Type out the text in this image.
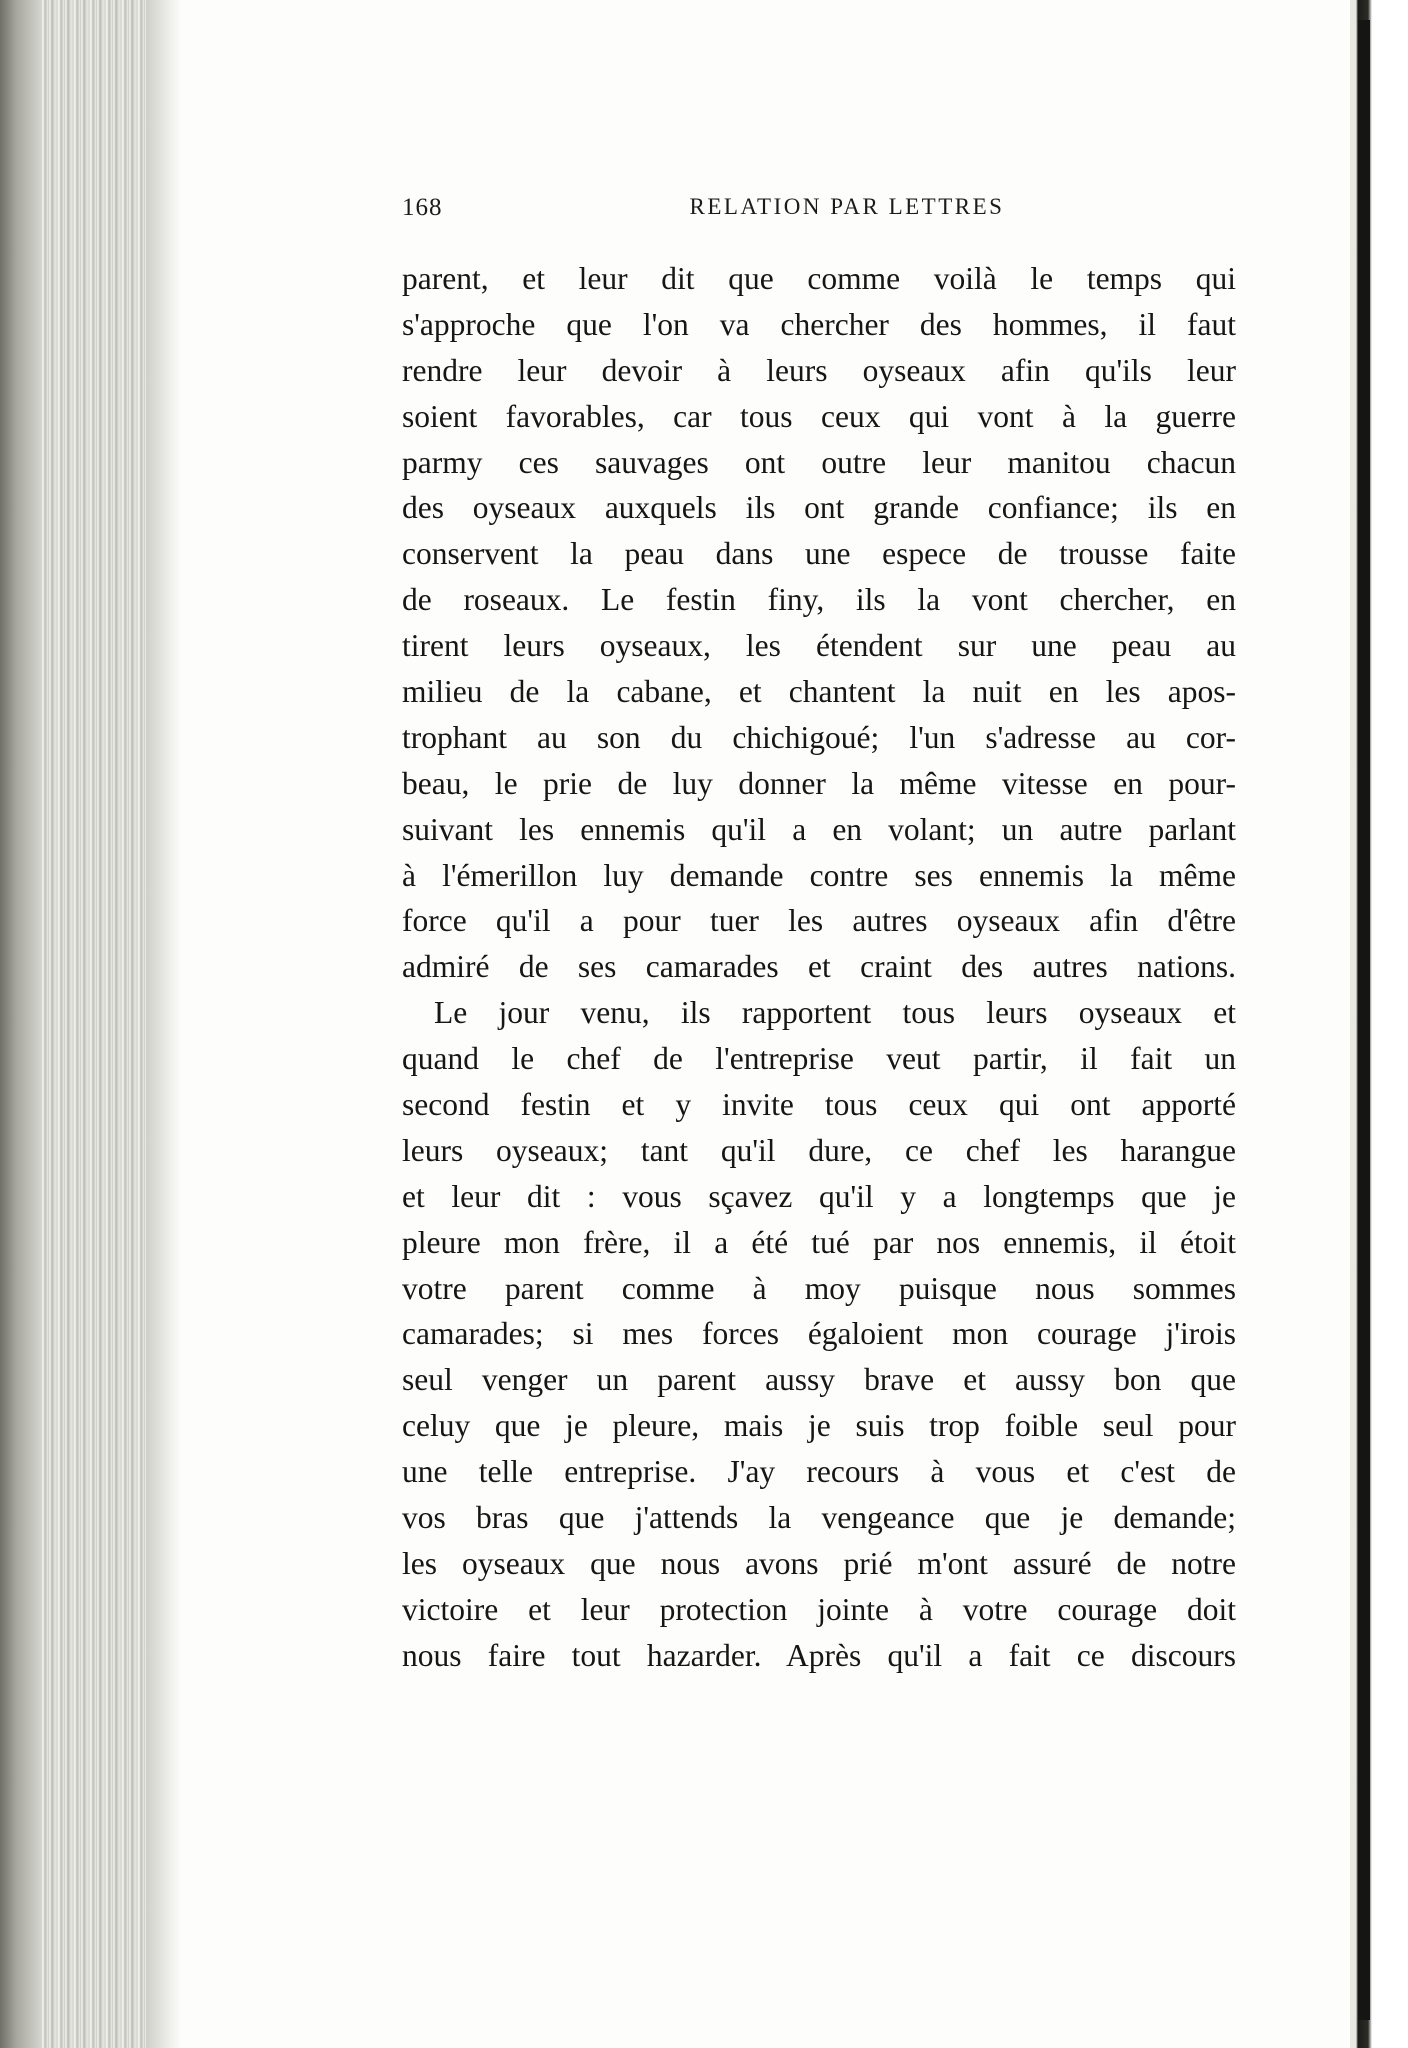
168	RELATION PAR LETTRES
parent, et leur dit que comme voilà le temps qui
s'approche que l'on va chercher des hommes, il faut
rendre leur devoir à leurs oyseaux afin qu'ils leur
soient favorables, car tous ceux qui vont à la guerre
parmy ces sauvages ont outre leur manitou chacun
des oyseaux auxquels ils ont grande confiance; ils en
conservent la peau dans une espece de trousse faite
de roseaux. Le festin finy, ils la vont chercher, en
tirent leurs oyseaux, les étendent sur une peau au
milieu de la cabane, et chantent la nuit en les apos-
trophant au son du chichigoué; l'un s'adresse au cor-
beau, le prie de luy donner la même vitesse en pour-
suivant les ennemis qu'il a en volant; un autre parlant
à l'émerillon luy demande contre ses ennemis la même
force qu'il a pour tuer les autres oyseaux afin d'être
admiré de ses camarades et craint des autres nations.
Le jour venu, ils rapportent tous leurs oyseaux et
quand le chef de l'entreprise veut partir, il fait un
second festin et y invite tous ceux qui ont apporté
leurs oyseaux; tant qu'il dure, ce chef les harangue
et leur dit : vous sçavez qu'il y a longtemps que je
pleure mon frère, il a été tué par nos ennemis, il étoit
votre parent comme à moy puisque nous sommes
camarades; si mes forces égaloient mon courage j'irois
seul venger un parent aussy brave et aussy bon que
celuy que je pleure, mais je suis trop foible seul pour
une telle entreprise. J'ay recours à vous et c'est de
vos bras que j'attends la vengeance que je demande;
les oyseaux que nous avons prié m'ont assuré de notre
victoire et leur protection jointe à votre courage doit
nous faire tout hazarder. Après qu'il a fait ce discours
